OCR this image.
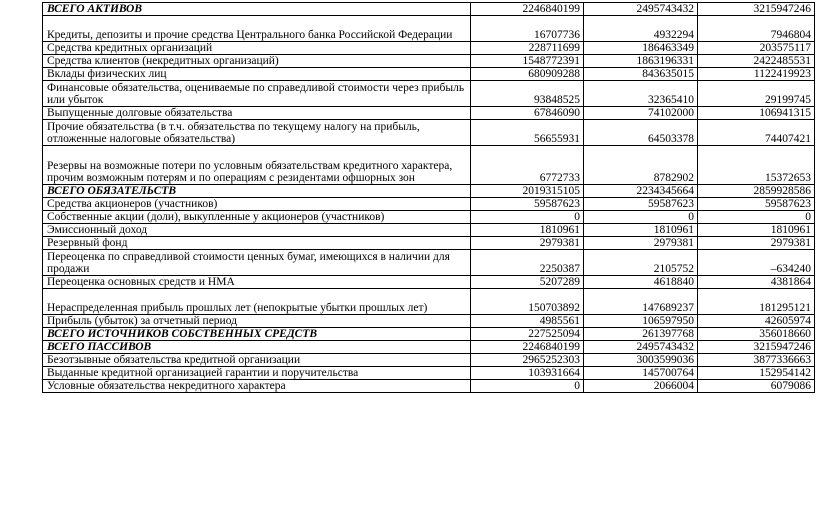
ВСЕГО АКТИВОВ	2246840199	2495743432	3215947246
Кредиты, депозиты и прочие средства Центрального банка Российской Федерации	16707736	4932294	7946804
Средства кредитных организаций	228711699	186463349	203575117
Средства клиентов (некредитных организаций)	1548772391	1863196331	2422485531
Вклады физических лиц	680909288	843635015	1122419923
Финансовые обязательства, оцениваемые по справедливой стоимости через прибыль или убыток	93848525	32365410	29199745
Выпущенные долговые обязательства	67846090	74102000	106941315
Прочие обязательства (в т.ч. обязательства по текущему налогу на прибыль, отложенные налоговые обязательства)	56655931	64503378	74407421
Резервы на возможные потери по условным обязательствам кредитного характера, прочим возможным потерям и по операциям с резидентами офшорных зон	6772733	8782902	15372653
ВСЕГО ОБЯЗАТЕЛЬСТВ	2019315105	2234345664	2859928586
Средства акционеров (участников)	59587623	59587623	59587623
Собственные акции (доли), выкупленные у акционеров (участников)	0	0	0
Эмиссионный доход	1810961	1810961	1810961
Резервный фонд	2979381	2979381	2979381
Переоценка по справедливой стоимости ценных бумаг, имеющихся в наличии для продажи	2250387	2105752	–634240
Переоценка основных средств и НМА	5207289	4618840	4381864
Нераспределенная прибыль прошлых лет (непокрытые убытки прошлых лет)	150703892	147689237	181295121
Прибыль (убыток) за отчетный период	4985561	106597950	42605974
ВСЕГО ИСТОЧНИКОВ СОБСТВЕННЫХ СРЕДСТВ	227525094	261397768	356018660
ВСЕГО ПАССИВОВ	2246840199	2495743432	3215947246
Безотзывные обязательства кредитной организации	2965252303	3003599036	3877336663
Выданные кредитной организацией гарантии и поручительства	103931664	145700764	152954142
Условные обязательства некредитного характера	0	2066004	6079086
